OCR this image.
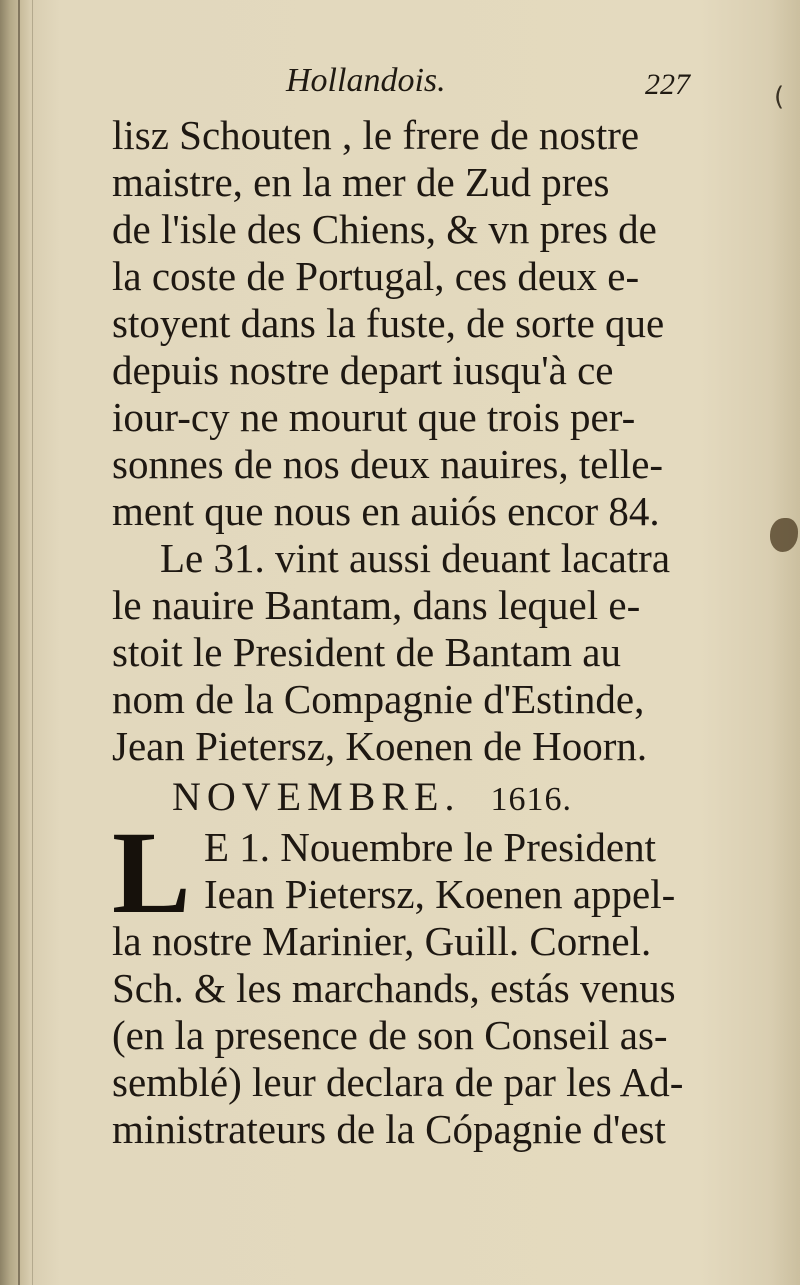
Hollandois.	227
lisz Schouten , le frere de nostre
maistre, en la mer de Zud pres
de l'isle des Chiens, & vn pres de
la coste de Portugal, ces deux e-
stoyent dans la fuste, de sorte que
depuis nostre depart iusqu'à ce
iour-cy ne mourut que trois per-
sonnes de nos deux nauires, telle-
ment que nous en auiós encor 84.
Le 31. vint aussi deuant lacatra
le nauire Bantam, dans lequel e-
stoit le President de Bantam au
nom de la Compagnie d'Estinde,
Jean Pietersz, Koenen de Hoorn.
NOVEMBRE. 1616.
L E 1. Nouembre le President
Iean Pietersz, Koenen appel-
la nostre Marinier, Guill. Cornel.
Sch. & les marchands, estás venus
(en la presence de son Conseil as-
semblé) leur declara de par les Ad-
ministrateurs de la Cópagnie d'est
(
